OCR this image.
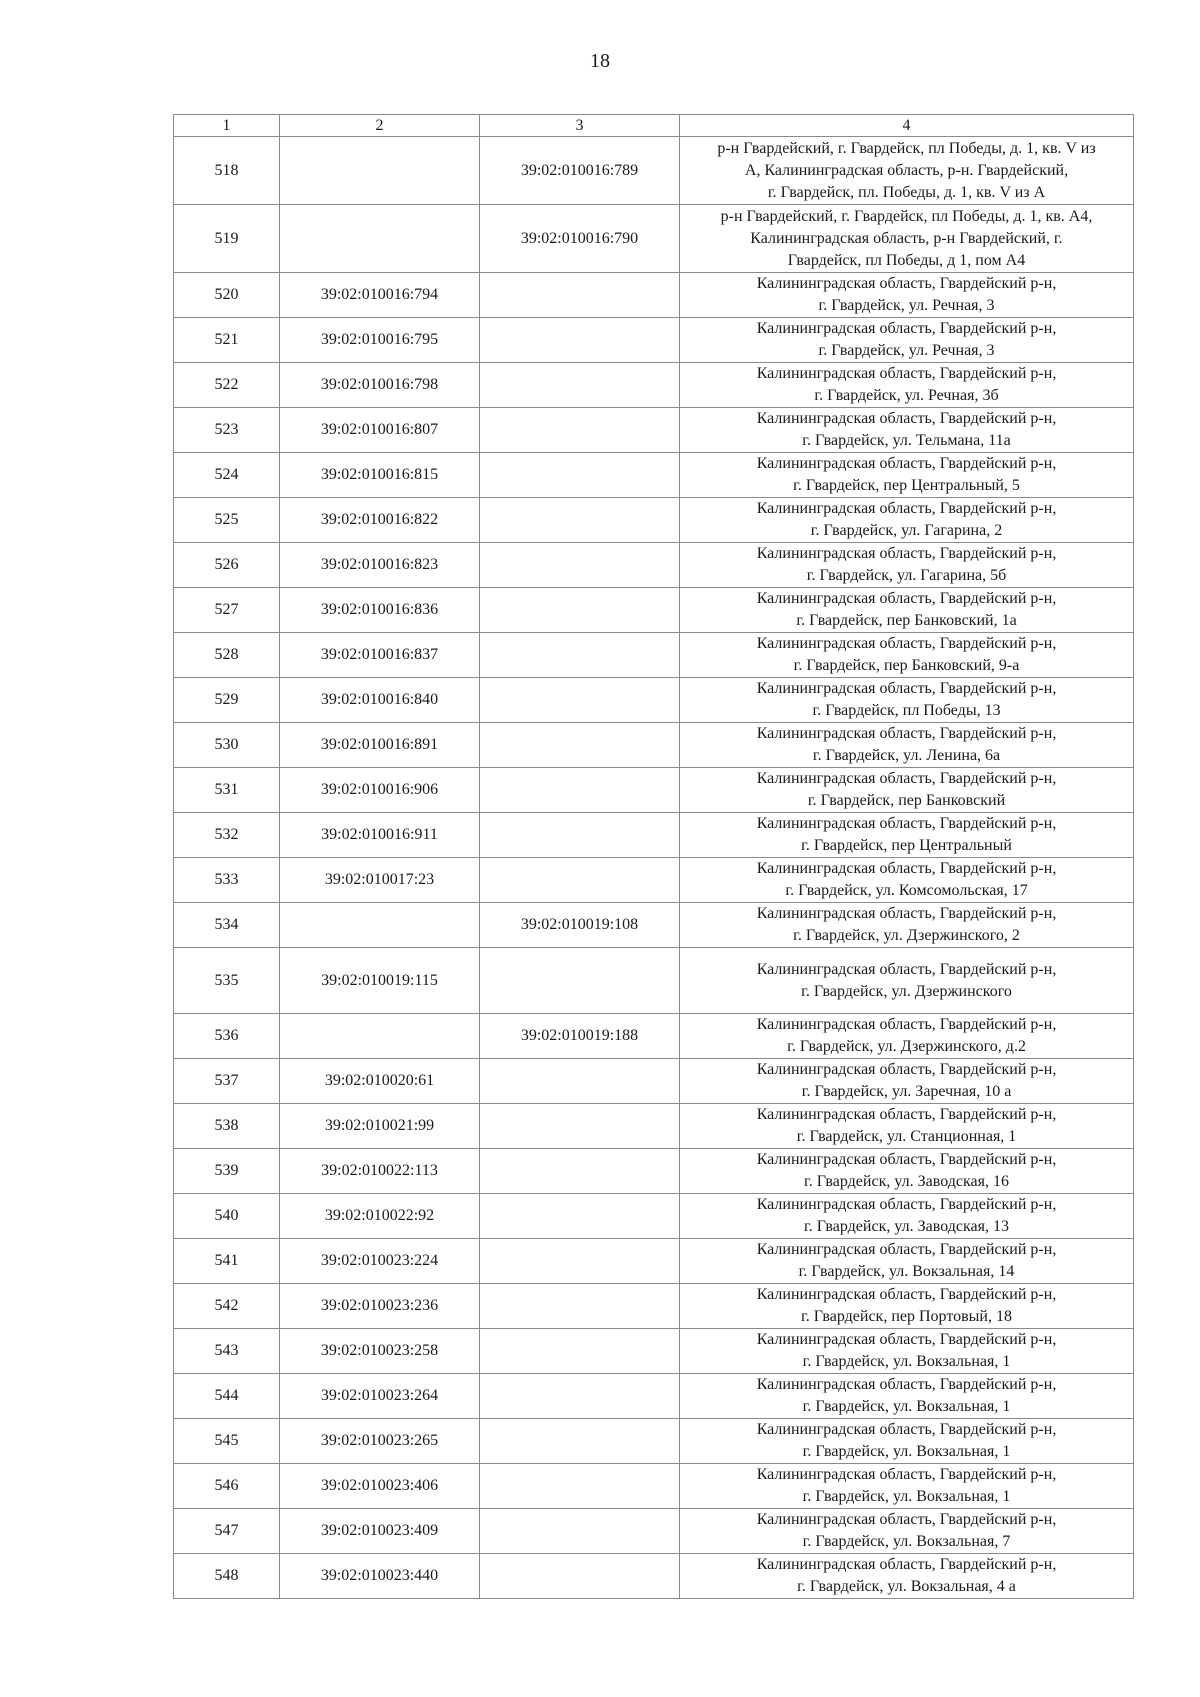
18
1	2	3	4
518		39:02:010016:789	р-н Гвардейский, г. Гвардейск, пл Победы, д. 1, кв. V из
А, Калининградская область, р-н. Гвардейский,
г. Гвардейск, пл. Победы, д. 1, кв. V из А

519		39:02:010016:790	р-н Гвардейский, г. Гвардейск, пл Победы, д. 1, кв. А4,
Калининградская область, р-н Гвардейский, г.
Гвардейск, пл Победы, д 1, пом А4

520	39:02:010016:794		Калининградская область, Гвардейский р-н,
г. Гвардейск, ул. Речная, 3

521	39:02:010016:795		Калининградская область, Гвардейский р-н,
г. Гвардейск, ул. Речная, 3

522	39:02:010016:798		Калининградская область, Гвардейский р-н,
г. Гвардейск, ул. Речная, 3б

523	39:02:010016:807		Калининградская область, Гвардейский р-н,
г. Гвардейск, ул. Тельмана, 11а

524	39:02:010016:815		Калининградская область, Гвардейский р-н,
г. Гвардейск, пер Центральный, 5

525	39:02:010016:822		Калининградская область, Гвардейский р-н,
г. Гвардейск, ул. Гагарина, 2

526	39:02:010016:823		Калининградская область, Гвардейский р-н,
г. Гвардейск, ул. Гагарина, 5б

527	39:02:010016:836		Калининградская область, Гвардейский р-н,
г. Гвардейск, пер Банковский, 1а

528	39:02:010016:837		Калининградская область, Гвардейский р-н,
г. Гвардейск, пер Банковский, 9-а

529	39:02:010016:840		Калининградская область, Гвардейский р-н,
г. Гвардейск, пл Победы, 13

530	39:02:010016:891		Калининградская область, Гвардейский р-н,
г. Гвардейск, ул. Ленина, 6а

531	39:02:010016:906		Калининградская область, Гвардейский р-н,
г. Гвардейск, пер Банковский

532	39:02:010016:911		Калининградская область, Гвардейский р-н,
г. Гвардейск, пер Центральный

533	39:02:010017:23		Калининградская область, Гвардейский р-н,
г. Гвардейск, ул. Комсомольская, 17

534		39:02:010019:108	Калининградская область, Гвардейский р-н,
г. Гвардейск, ул. Дзержинского, 2

535	39:02:010019:115		Калининградская область, Гвардейский р-н,
г. Гвардейск, ул. Дзержинского

536		39:02:010019:188	Калининградская область, Гвардейский р-н,
г. Гвардейск, ул. Дзержинского, д.2

537	39:02:010020:61		Калининградская область, Гвардейский р-н,
г. Гвардейск, ул. Заречная, 10 а

538	39:02:010021:99		Калининградская область, Гвардейский р-н,
г. Гвардейск, ул. Станционная, 1

539	39:02:010022:113		Калининградская область, Гвардейский р-н,
г. Гвардейск, ул. Заводская, 16

540	39:02:010022:92		Калининградская область, Гвардейский р-н,
г. Гвардейск, ул. Заводская, 13

541	39:02:010023:224		Калининградская область, Гвардейский р-н,
г. Гвардейск, ул. Вокзальная, 14

542	39:02:010023:236		Калининградская область, Гвардейский р-н,
г. Гвардейск, пер Портовый, 18

543	39:02:010023:258		Калининградская область, Гвардейский р-н,
г. Гвардейск, ул. Вокзальная, 1

544	39:02:010023:264		Калининградская область, Гвардейский р-н,
г. Гвардейск, ул. Вокзальная, 1

545	39:02:010023:265		Калининградская область, Гвардейский р-н,
г. Гвардейск, ул. Вокзальная, 1

546	39:02:010023:406		Калининградская область, Гвардейский р-н,
г. Гвардейск, ул. Вокзальная, 1

547	39:02:010023:409		Калининградская область, Гвардейский р-н,
г. Гвардейск, ул. Вокзальная, 7

548	39:02:010023:440		Калининградская область, Гвардейский р-н,
г. Гвардейск, ул. Вокзальная, 4 а
